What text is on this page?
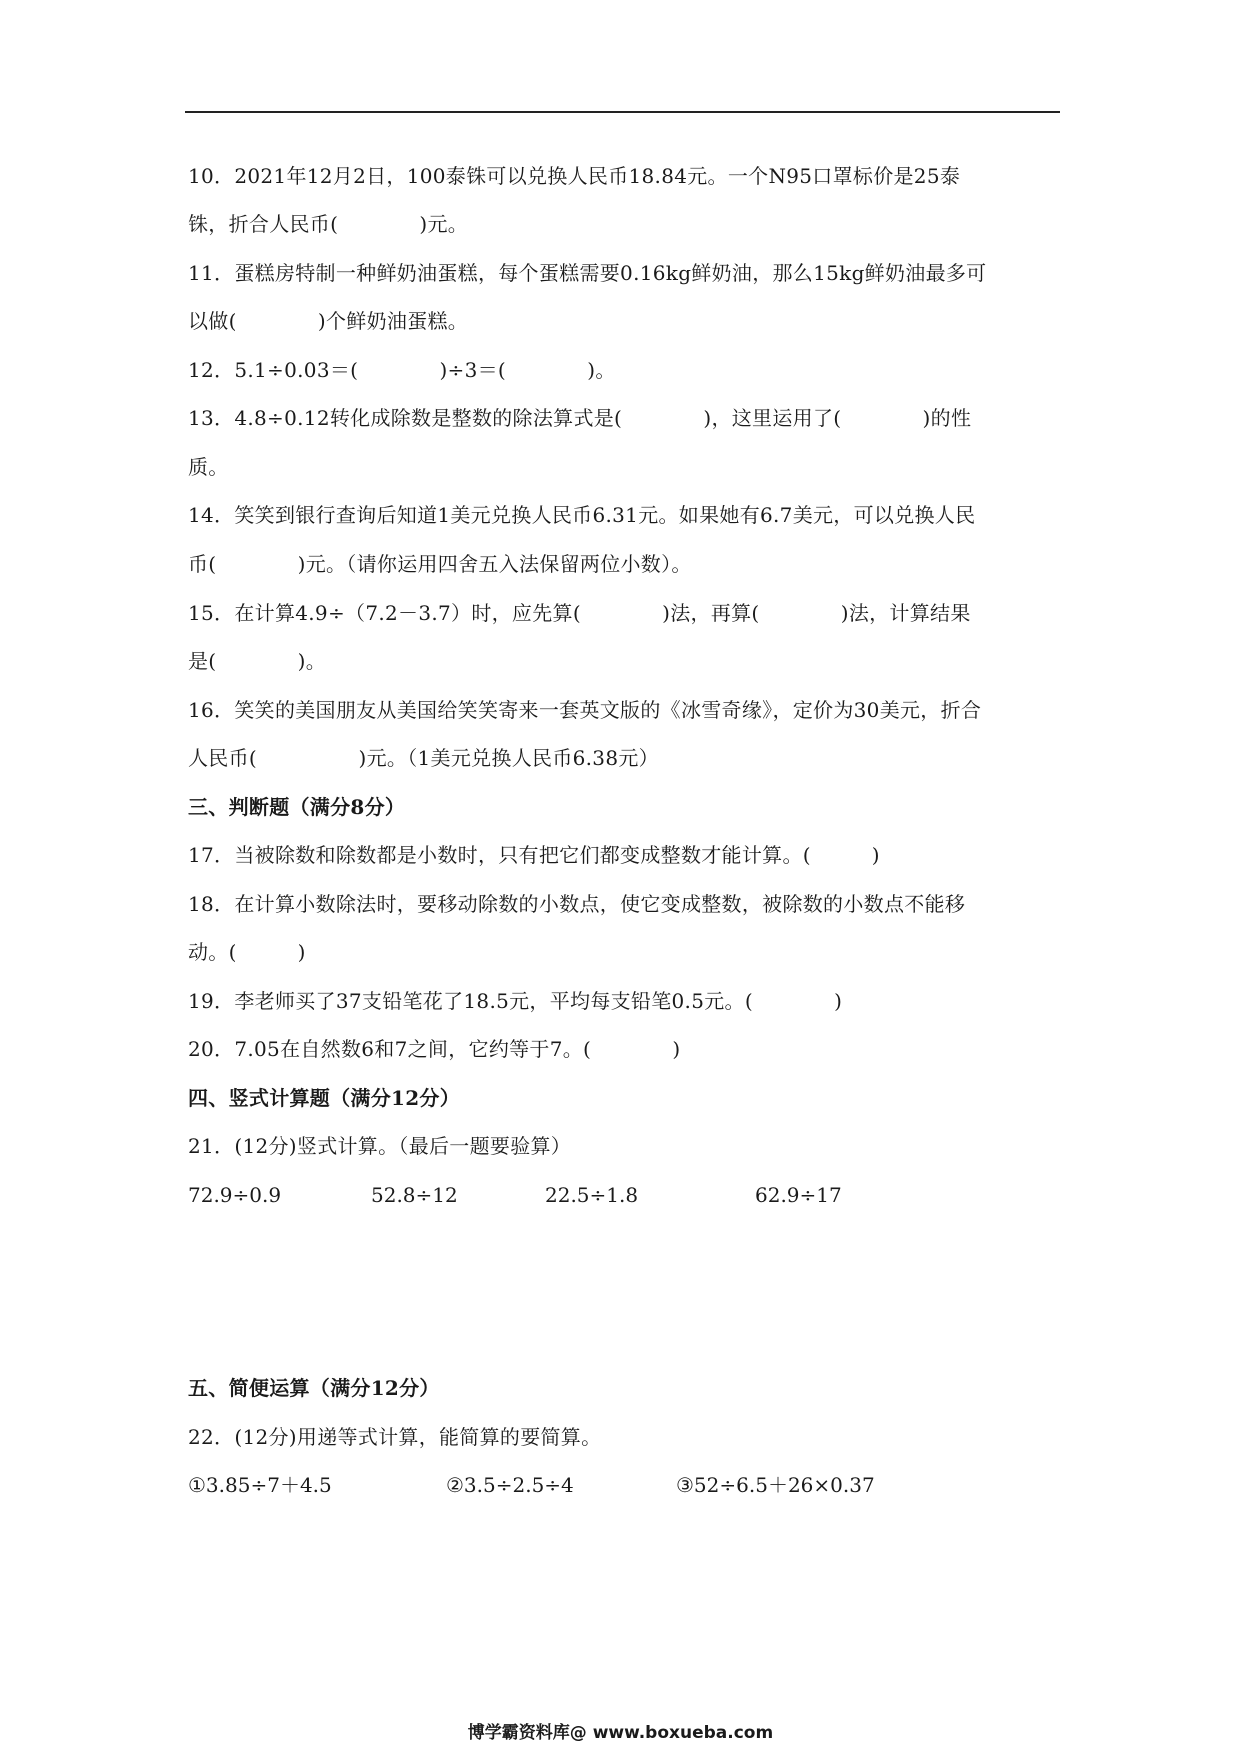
10．2021年12月2日，100泰铢可以兑换人民币18.84元。一个N95口罩标价是25泰
铢，折合人民币(　　　　)元。
11．蛋糕房特制一种鲜奶油蛋糕，每个蛋糕需要0.16kg鲜奶油，那么15kg鲜奶油最多可
以做(　　　　)个鲜奶油蛋糕。
12．5.1÷0.03＝(　　　　)÷3＝(　　　　)。
13．4.8÷0.12转化成除数是整数的除法算式是(　　　　)，这里运用了(　　　　)的性
质。
14．笑笑到银行查询后知道1美元兑换人民币6.31元。如果她有6.7美元，可以兑换人民
币(　　　　)元。（请你运用四舍五入法保留两位小数）。
15．在计算4.9÷（7.2－3.7）时，应先算(　　　　)法，再算(　　　　)法，计算结果
是(　　　　)。
16．笑笑的美国朋友从美国给笑笑寄来一套英文版的《冰雪奇缘》，定价为30美元，折合
人民币(　　　　　)元。（1美元兑换人民币6.38元）
三、判断题（满分8分）
17．当被除数和除数都是小数时，只有把它们都变成整数才能计算。(　　　)
18．在计算小数除法时，要移动除数的小数点，使它变成整数，被除数的小数点不能移
动。(　　　)
19．李老师买了37支铅笔花了18.5元，平均每支铅笔0.5元。(　　　　)
20．7.05在自然数6和7之间，它约等于7。(　　　　)
四、竖式计算题（满分12分）
21．(12分)竖式计算。（最后一题要验算）
72.9÷0.9	52.8÷12	22.5÷1.8	62.9÷17
五、简便运算（满分12分）
22．(12分)用递等式计算，能简算的要简算。
①3.85÷7＋4.5	②3.5÷2.5÷4	③52÷6.5＋26×0.37
博学霸资料库@ www.boxueba.com
